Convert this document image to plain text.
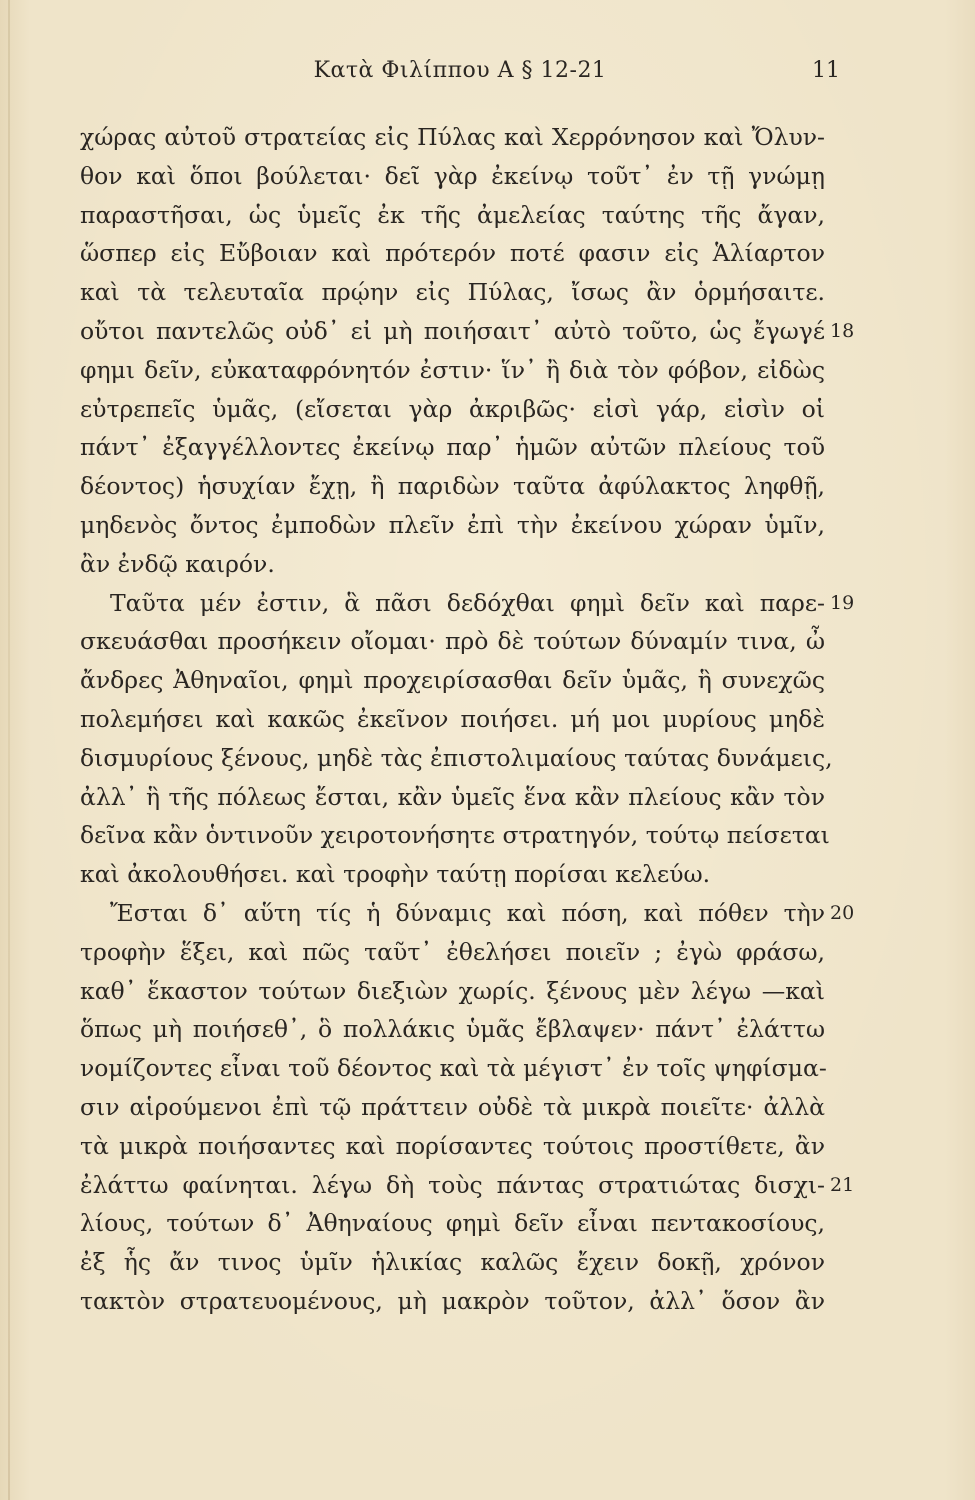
Κατὰ Φιλίππου Α § 12-21	11
χώρας αὐτοῦ στρατείας εἰς Πύλας καὶ Χερρόνησον καὶ Ὄλυν-
θον καὶ ὅποι βούλεται· δεῖ γὰρ ἐκείνῳ τοῦτ᾽ ἐν τῇ γνώμῃ
παραστῆσαι, ὡς ὑμεῖς ἐκ τῆς ἀμελείας ταύτης τῆς ἄγαν,
ὥσπερ εἰς Εὔβοιαν καὶ πρότερόν ποτέ φασιν εἰς Ἁλίαρτον
καὶ τὰ τελευταῖα πρῴην εἰς Πύλας, ἴσως ἂν ὁρμήσαιτε.
οὔτοι παντελῶς οὐδ᾽ εἰ μὴ ποιήσαιτ᾽ αὐτὸ τοῦτο, ὡς ἔγωγέ
φημι δεῖν, εὐκαταφρόνητόν ἐστιν· ἵν᾽ ἢ διὰ τὸν φόβον, εἰδὼς
εὐτρεπεῖς ὑμᾶς, (εἴσεται γὰρ ἀκριβῶς· εἰσὶ γάρ, εἰσὶν οἱ
πάντ᾽ ἐξαγγέλλοντες ἐκείνῳ παρ᾽ ἡμῶν αὐτῶν πλείους τοῦ
δέοντος) ἡσυχίαν ἔχῃ, ἢ παριδὼν ταῦτα ἀφύλακτος ληφθῇ,
μηδενὸς ὄντος ἐμποδὼν πλεῖν ἐπὶ τὴν ἐκείνου χώραν ὑμῖν,
ἂν ἐνδῷ καιρόν.
Ταῦτα μέν ἐστιν, ἃ πᾶσι δεδόχθαι φημὶ δεῖν καὶ παρε-
σκευάσθαι προσήκειν οἴομαι· πρὸ δὲ τούτων δύναμίν τινα, ὦ
ἄνδρες Ἀθηναῖοι, φημὶ προχειρίσασθαι δεῖν ὑμᾶς, ἣ συνεχῶς
πολεμήσει καὶ κακῶς ἐκεῖνον ποιήσει. μή μοι μυρίους μηδὲ
δισμυρίους ξένους, μηδὲ τὰς ἐπιστολιμαίους ταύτας δυνάμεις,
ἀλλ᾽ ἣ τῆς πόλεως ἔσται, κἂν ὑμεῖς ἕνα κἂν πλείους κἂν τὸν
δεῖνα κἂν ὁντινοῦν χειροτονήσητε στρατηγόν, τούτῳ πείσεται
καὶ ἀκολουθήσει. καὶ τροφὴν ταύτῃ πορίσαι κελεύω.
Ἔσται δ᾽ αὕτη τίς ἡ δύναμις καὶ πόση, καὶ πόθεν τὴν
τροφὴν ἕξει, καὶ πῶς ταῦτ᾽ ἐθελήσει ποιεῖν ; ἐγὼ φράσω,
καθ᾽ ἕκαστον τούτων διεξιὼν χωρίς. ξένους μὲν λέγω —καὶ
ὅπως μὴ ποιήσεθ᾽, ὃ πολλάκις ὑμᾶς ἔβλαψεν· πάντ᾽ ἐλάττω
νομίζοντες εἶναι τοῦ δέοντος καὶ τὰ μέγιστ᾽ ἐν τοῖς ψηφίσμα-
σιν αἱρούμενοι ἐπὶ τῷ πράττειν οὐδὲ τὰ μικρὰ ποιεῖτε· ἀλλὰ
τὰ μικρὰ ποιήσαντες καὶ πορίσαντες τούτοις προστίθετε, ἂν
ἐλάττω φαίνηται. λέγω δὴ τοὺς πάντας στρατιώτας δισχι-
λίους, τούτων δ᾽ Ἀθηναίους φημὶ δεῖν εἶναι πεντακοσίους,
ἐξ ἧς ἄν τινος ὑμῖν ἡλικίας καλῶς ἔχειν δοκῇ, χρόνον
τακτὸν στρατευομένους, μὴ μακρὸν τοῦτον, ἀλλ᾽ ὅσον ἂν
18
19
20
21
